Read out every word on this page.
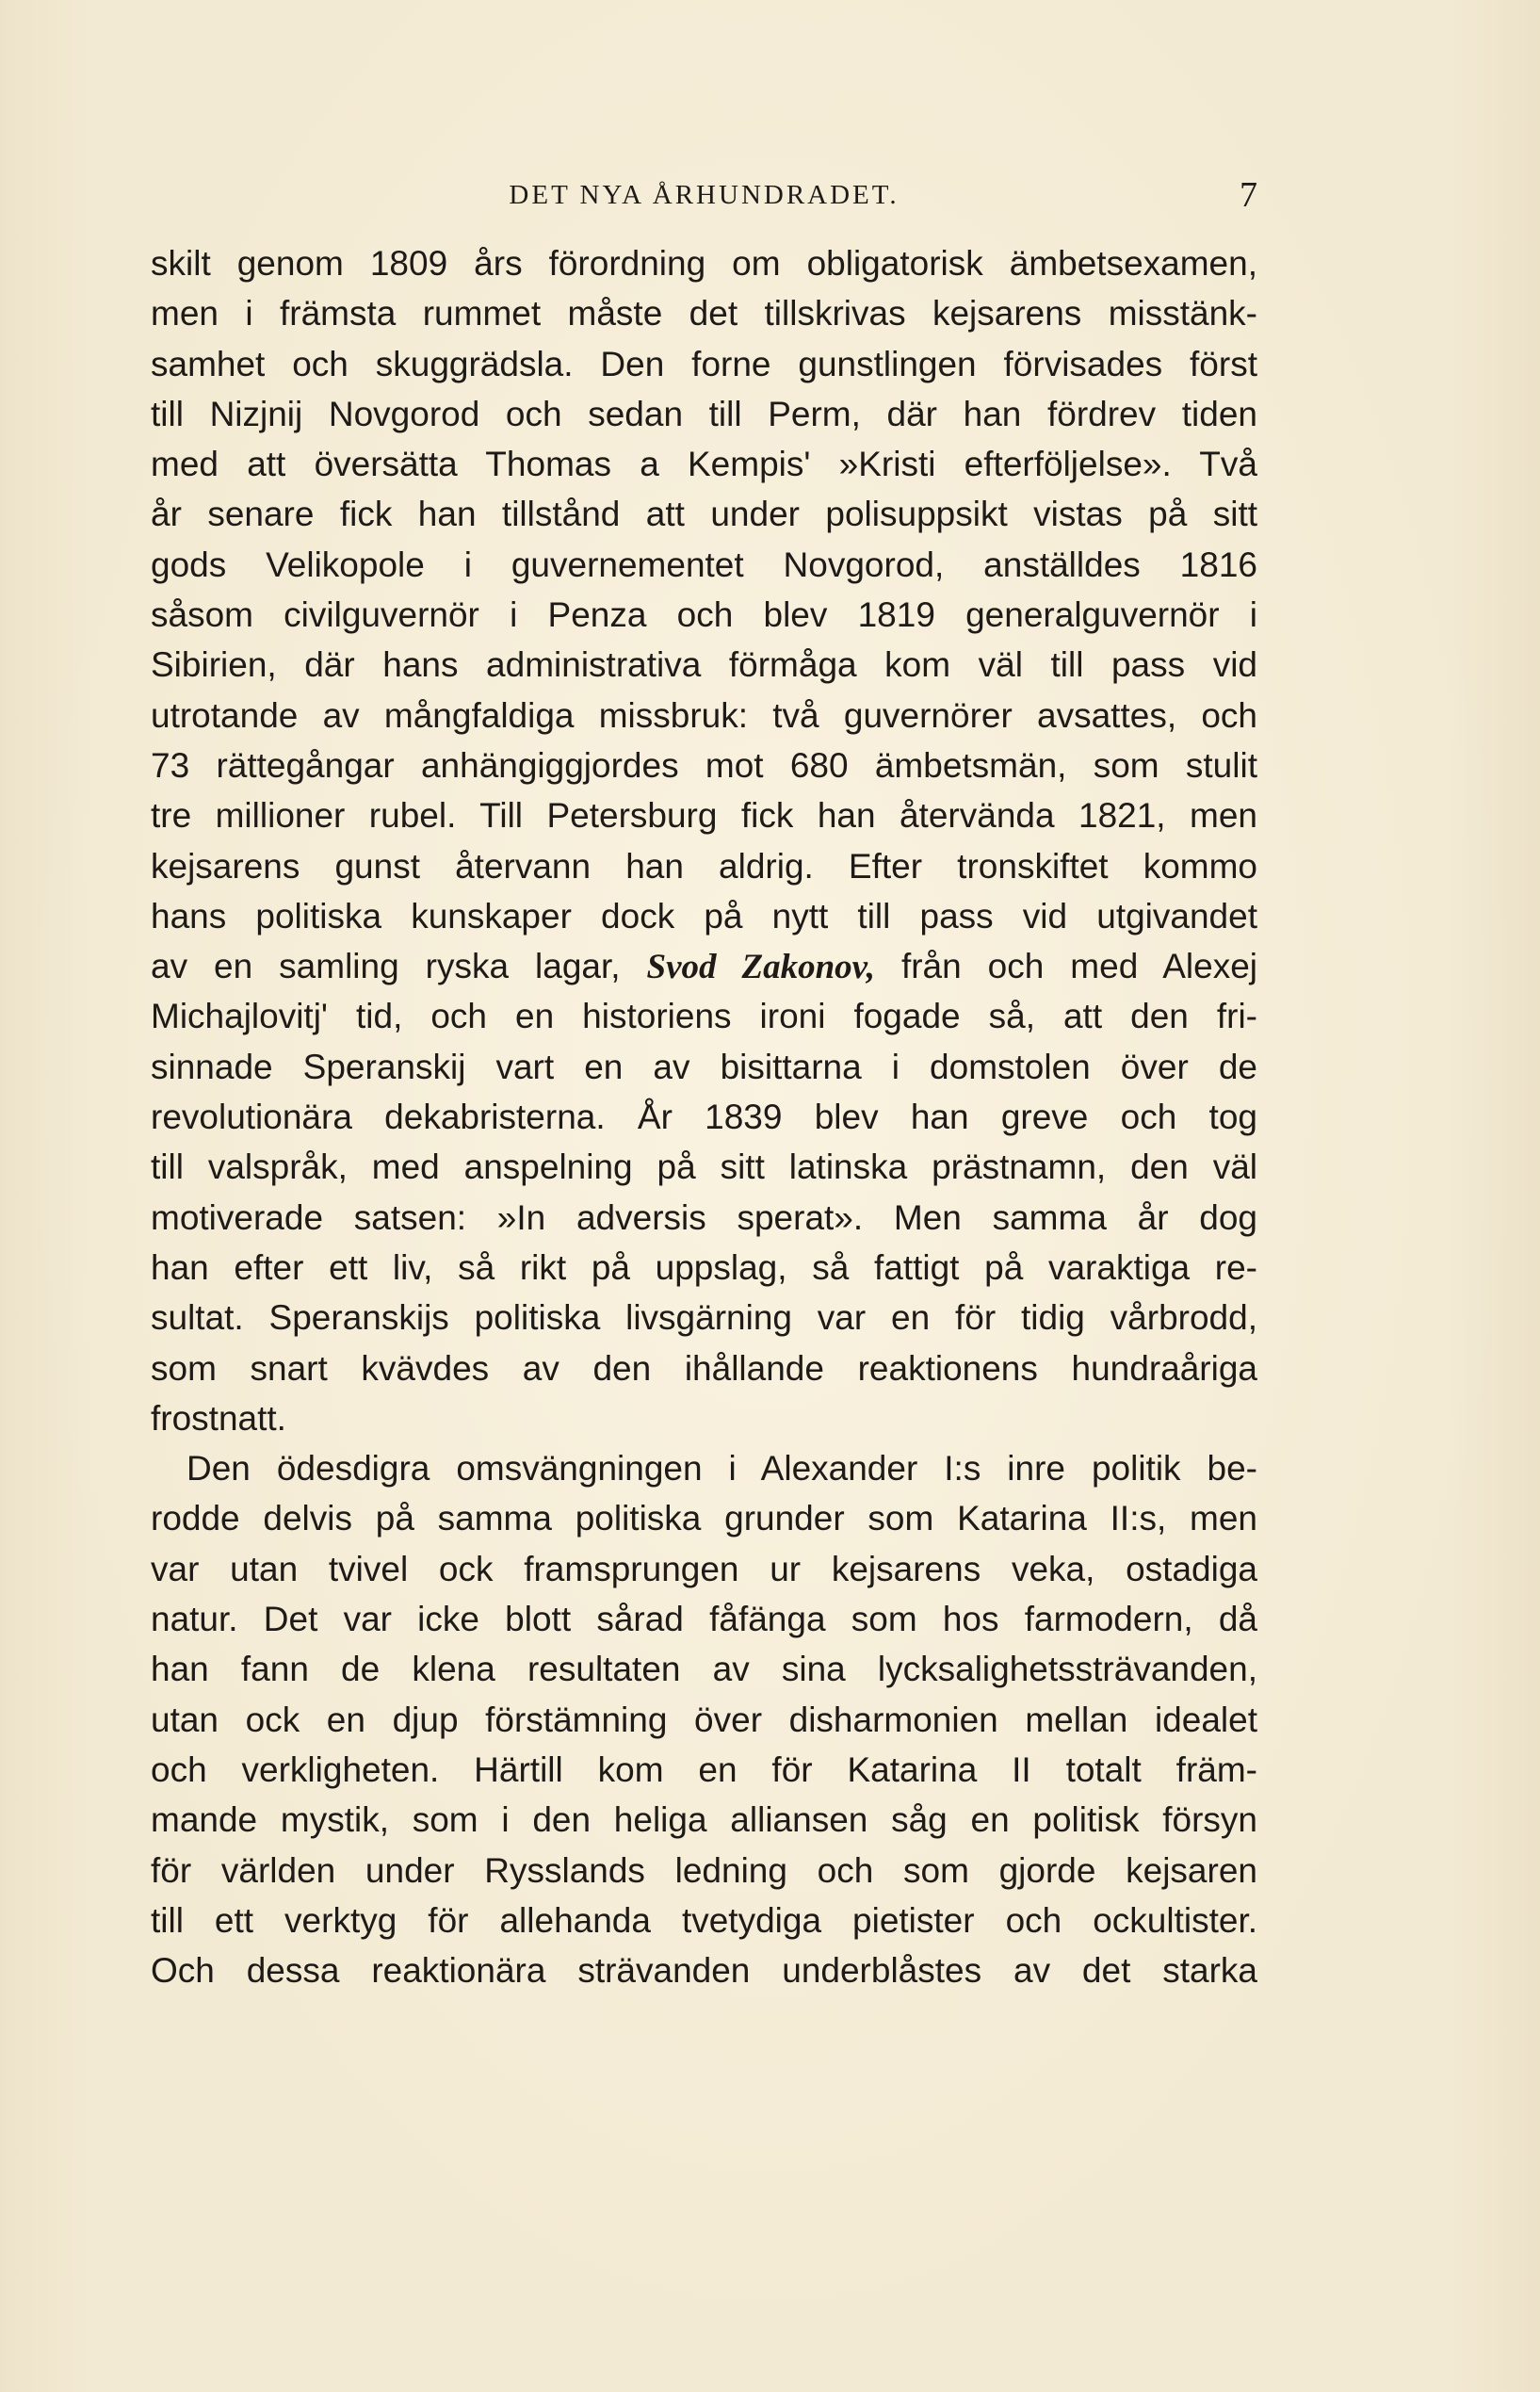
DET NYA ÅRHUNDRADET.	7
skilt genom 1809 års förordning om obligatorisk ämbetsexamen,
men i främsta rummet måste det tillskrivas kejsarens misstänk-
samhet och skuggrädsla. Den forne gunstlingen förvisades först
till Nizjnij Novgorod och sedan till Perm, där han fördrev tiden
med att översätta Thomas a Kempis' »Kristi efterföljelse». Två
år senare fick han tillstånd att under polisuppsikt vistas på sitt
gods Velikopole i guvernementet Novgorod, anställdes 1816
såsom civilguvernör i Penza och blev 1819 generalguvernör i
Sibirien, där hans administrativa förmåga kom väl till pass vid
utrotande av mångfaldiga missbruk: två guvernörer avsattes, och
73 rättegångar anhängiggjordes mot 680 ämbetsmän, som stulit
tre millioner rubel. Till Petersburg fick han återvända 1821, men
kejsarens gunst återvann han aldrig. Efter tronskiftet kommo
hans politiska kunskaper dock på nytt till pass vid utgivandet
av en samling ryska lagar, Svod Zakonov, från och med Alexej
Michajlovitj' tid, och en historiens ironi fogade så, att den fri-
sinnade Speranskij vart en av bisittarna i domstolen över de
revolutionära dekabristerna. År 1839 blev han greve och tog
till valspråk, med anspelning på sitt latinska prästnamn, den väl
motiverade satsen: »In adversis sperat». Men samma år dog
han efter ett liv, så rikt på uppslag, så fattigt på varaktiga re-
sultat. Speranskijs politiska livsgärning var en för tidig vårbrodd,
som snart kvävdes av den ihållande reaktionens hundraåriga
frostnatt.
Den ödesdigra omsvängningen i Alexander I:s inre politik be-
rodde delvis på samma politiska grunder som Katarina II:s, men
var utan tvivel ock framsprungen ur kejsarens veka, ostadiga
natur. Det var icke blott sårad fåfänga som hos farmodern, då
han fann de klena resultaten av sina lycksalighetssträvanden,
utan ock en djup förstämning över disharmonien mellan idealet
och verkligheten. Härtill kom en för Katarina II totalt främ-
mande mystik, som i den heliga alliansen såg en politisk försyn
för världen under Rysslands ledning och som gjorde kejsaren
till ett verktyg för allehanda tvetydiga pietister och ockultister.
Och dessa reaktionära strävanden underblåstes av det starka
